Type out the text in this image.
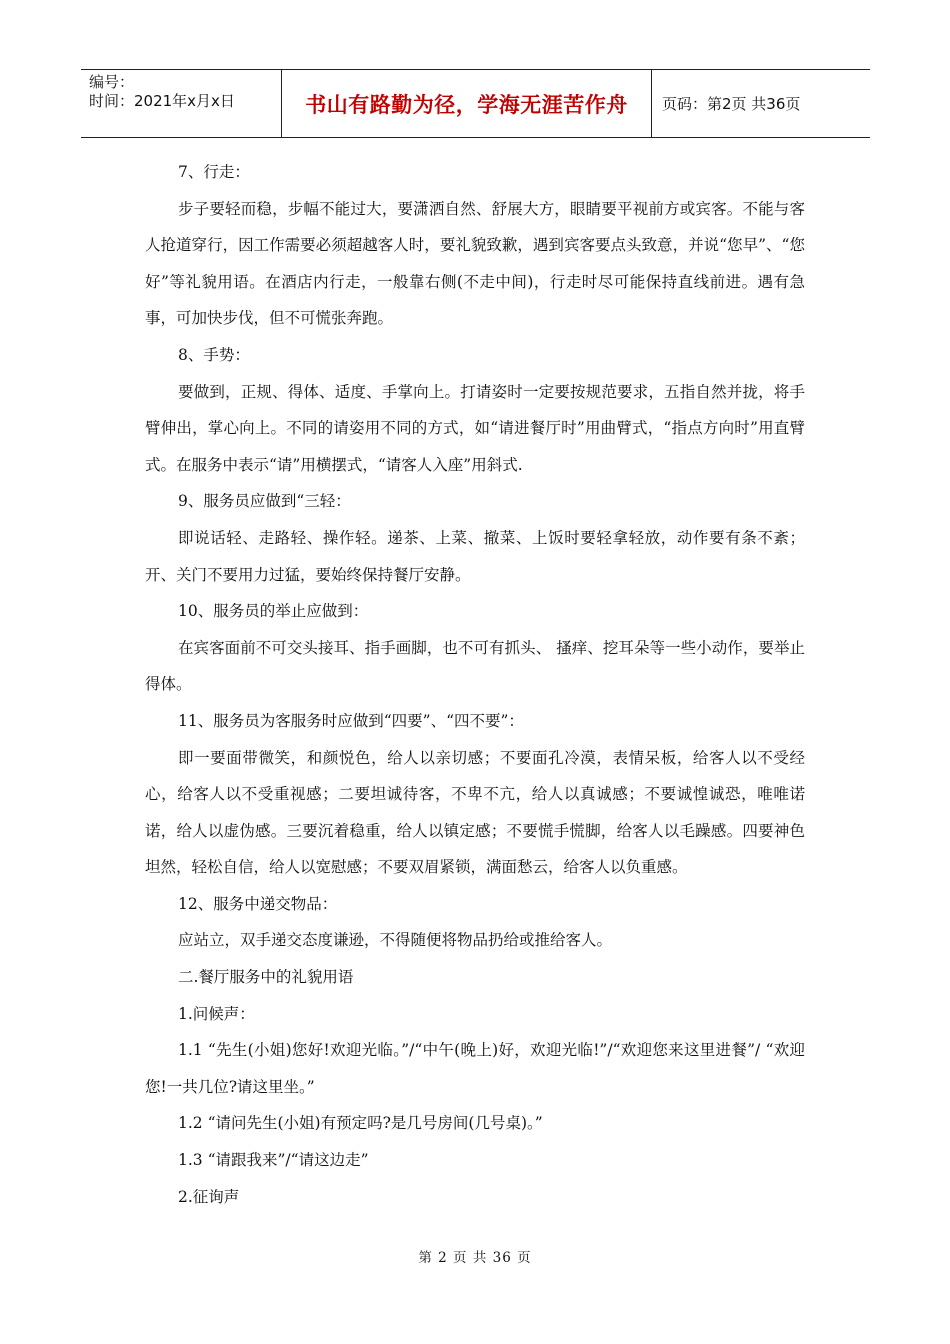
编号：
时间：2021年x月x日	书山有路勤为径，学海无涯苦作舟 页码：第2页 共36页

7、行走：

步子要轻而稳，步幅不能过大，要潇洒自然、舒展大方，眼睛要平视前方或宾客。不能与客人抢道穿行，因工作需要必须超越客人时，要礼貌致歉，遇到宾客要点头致意，并说“您早”、“您好”等礼貌用语。在酒店内行走，一般靠右侧(不走中间)，行走时尽可能保持直线前进。遇有急事，可加快步伐，但不可慌张奔跑。

8、手势：

要做到，正规、得体、适度、手掌向上。打请姿时一定要按规范要求，五指自然并拢，将手臂伸出，掌心向上。不同的请姿用不同的方式，如“请进餐厅时”用曲臂式，“指点方向时”用直臂式。在服务中表示“请”用横摆式，“请客人入座”用斜式.

9、服务员应做到“三轻：

即说话轻、走路轻、操作轻。递茶、上菜、撤菜、上饭时要轻拿轻放，动作要有条不紊；开、关门不要用力过猛，要始终保持餐厅安静。

10、服务员的举止应做到：

在宾客面前不可交头接耳、指手画脚，也不可有抓头、 搔痒、挖耳朵等一些小动作，要举止得体。

11、服务员为客服务时应做到“四要”、“四不要”：

即一要面带微笑，和颜悦色，给人以亲切感；不要面孔冷漠，表情呆板，给客人以不受经心，给客人以不受重视感；二要坦诚待客，不卑不亢，给人以真诚感；不要诚惶诚恐，唯唯诺诺，给人以虚伪感。三要沉着稳重，给人以镇定感；不要慌手慌脚，给客人以毛躁感。四要神色坦然，轻松自信，给人以宽慰感；不要双眉紧锁，满面愁云，给客人以负重感。

12、服务中递交物品：

应站立，双手递交态度谦逊，不得随便将物品扔给或推给客人。

二.餐厅服务中的礼貌用语

1.问候声：

1.1 “先生(小姐)您好!欢迎光临。”/“中午(晚上)好，欢迎光临!”/“欢迎您来这里进餐”/ “欢迎您!一共几位?请这里坐。”

1.2 “请问先生(小姐)有预定吗?是几号房间(几号桌)。”

1.3 “请跟我来”/“请这边走”

2.征询声

第 2 页 共 36 页
